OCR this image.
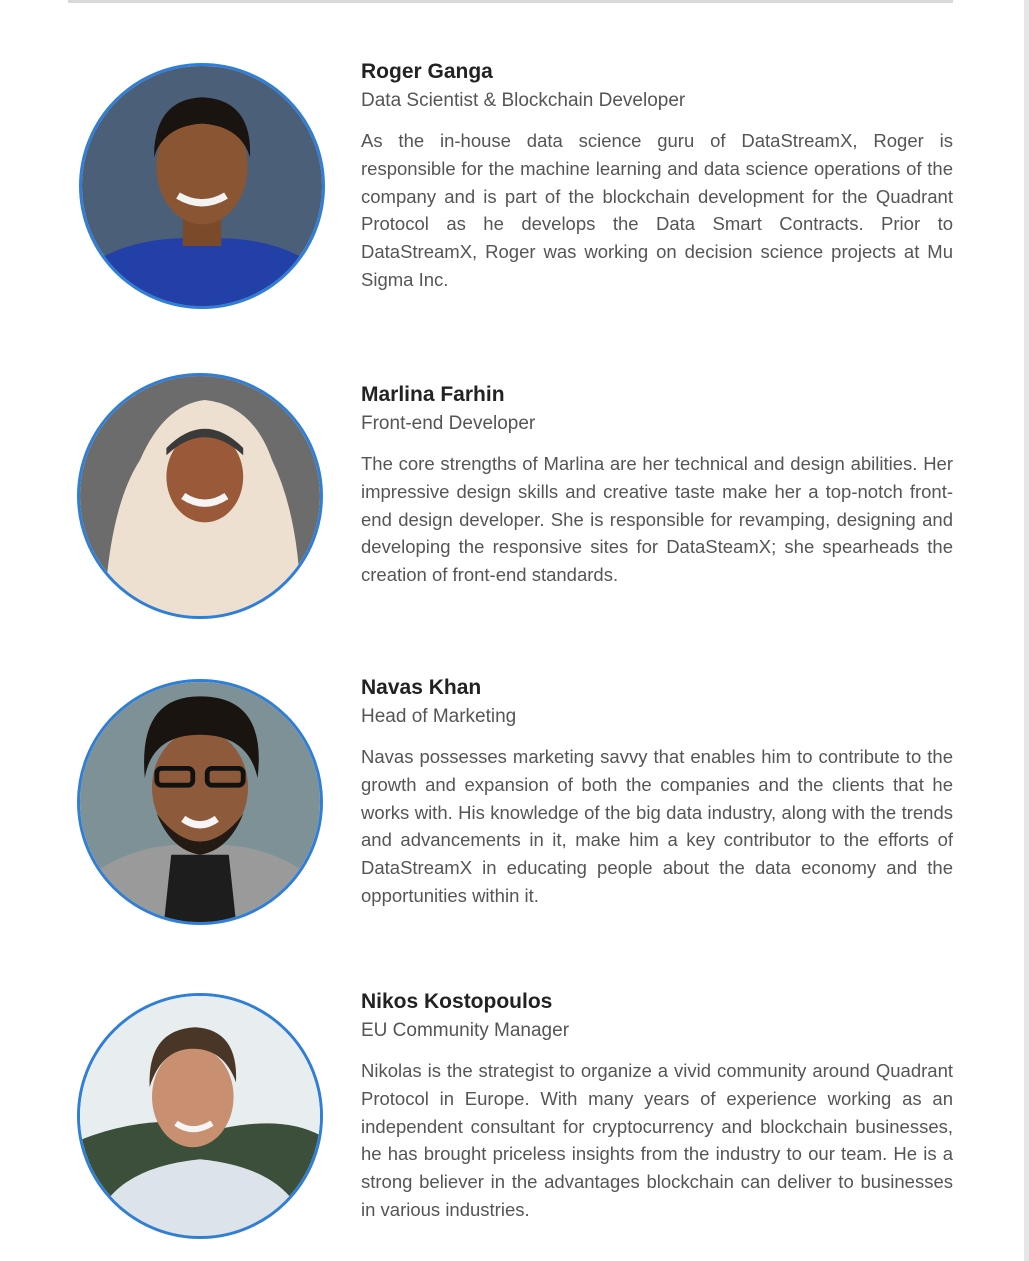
Roger Ganga
Data Scientist & Blockchain Developer
As the in-house data science guru of DataStreamX, Roger is responsible for the machine learning and data science operations of the company and is part of the blockchain development for the Quadrant Protocol as he develops the Data Smart Contracts. Prior to DataStreamX, Roger was working on decision science projects at Mu Sigma Inc.
Marlina Farhin
Front-end Developer
The core strengths of Marlina are her technical and design abilities. Her impressive design skills and creative taste make her a top-notch front-end design developer. She is responsible for revamping, designing and developing the responsive sites for DataSteamX; she spearheads the creation of front-end standards.
Navas Khan
Head of Marketing
Navas possesses marketing savvy that enables him to contribute to the growth and expansion of both the companies and the clients that he works with. His knowledge of the big data industry, along with the trends and advancements in it, make him a key contributor to the efforts of DataStreamX in educating people about the data economy and the opportunities within it.
Nikos Kostopoulos
EU Community Manager
Nikolas is the strategist to organize a vivid community around Quadrant Protocol in Europe. With many years of experience working as an independent consultant for cryptocurrency and blockchain businesses, he has brought priceless insights from the industry to our team. He is a strong believer in the advantages blockchain can deliver to businesses in various industries.
